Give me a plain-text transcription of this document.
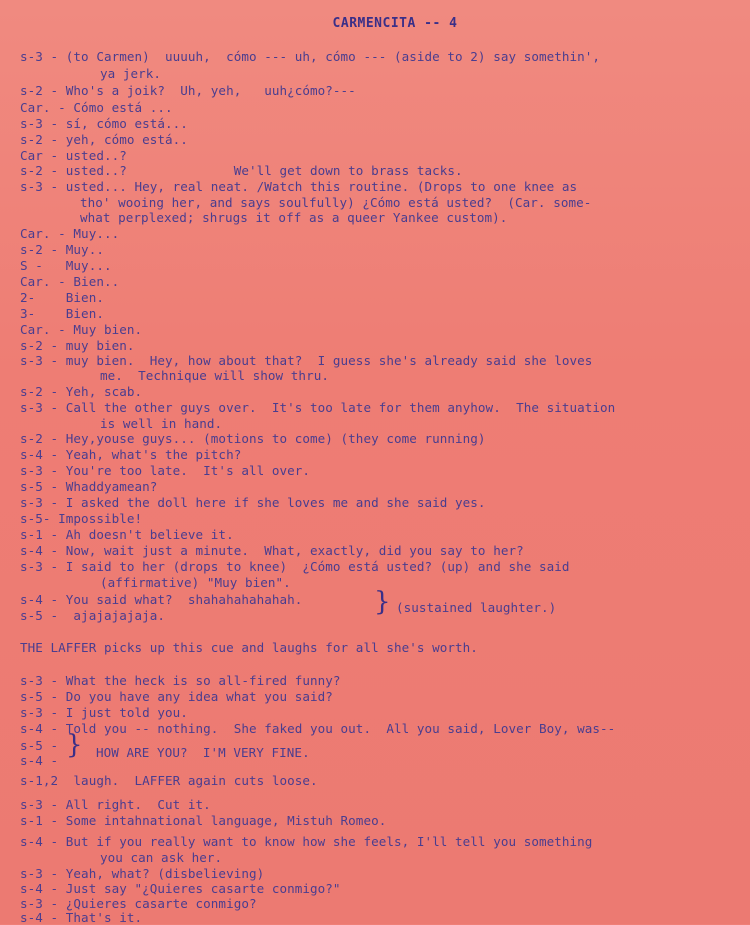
CARMENCITA -- 4
s-3 - (to Carmen)  uuuuh,  cómo --- uh, cómo --- (aside to 2) say somethin',
ya jerk.
s-2 - Who's a joik?  Uh, yeh,   uuh¿cómo?---
Car. - Cómo está ...
s-3 - sí, cómo está...
s-2 - yeh, cómo está..
Car - usted..?
s-2 - usted..?              We'll get down to brass tacks.
s-3 - usted... Hey, real neat. /Watch this routine. (Drops to one knee as
tho' wooing her, and says soulfully) ¿Cómo está usted?  (Car. some-
what perplexed; shrugs it off as a queer Yankee custom).
Car. - Muy...
s-2 - Muy..
S -   Muy...
Car. - Bien..
2-    Bien.
3-    Bien.
Car. - Muy bien.
s-2 - muy bien.
s-3 - muy bien.  Hey, how about that?  I guess she's already said she loves
me.  Technique will show thru.
s-2 - Yeh, scab.
s-3 - Call the other guys over.  It's too late for them anyhow.  The situation
is well in hand.
s-2 - Hey,youse guys... (motions to come) (they come running)
s-4 - Yeah, what's the pitch?
s-3 - You're too late.  It's all over.
s-5 - Whaddyamean?
s-3 - I asked the doll here if she loves me and she said yes.
s-5- Impossible!
s-1 - Ah doesn't believe it.
s-4 - Now, wait just a minute.  What, exactly, did you say to her?
s-3 - I said to her (drops to knee)  ¿Cómo está usted? (up) and she said
(affirmative) "Muy bien".
s-4 - You said what?  shahahahahahah.
s-5 -  ajajajajaja.	} (sustained laughter.)
THE LAFFER picks up this cue and laughs for all she's worth.
s-3 - What the heck is so all-fired funny?
s-5 - Do you have any idea what you said?
s-3 - I just told you.
s-4 - Told you -- nothing.  She faked you out.  All you said, Lover Boy, was--
s-5 -
s-4 -
} HOW ARE YOU?  I'M VERY FINE.
s-1,2  laugh.  LAFFER again cuts loose.
s-3 - All right.  Cut it.
s-1 - Some intahnational language, Mistuh Romeo.
s-4 - But if you really want to know how she feels, I'll tell you something
you can ask her.
s-3 - Yeah, what? (disbelieving)
s-4 - Just say "¿Quieres casarte conmigo?"
s-3 - ¿Quieres casarte conmigo?
s-4 - That's it.
